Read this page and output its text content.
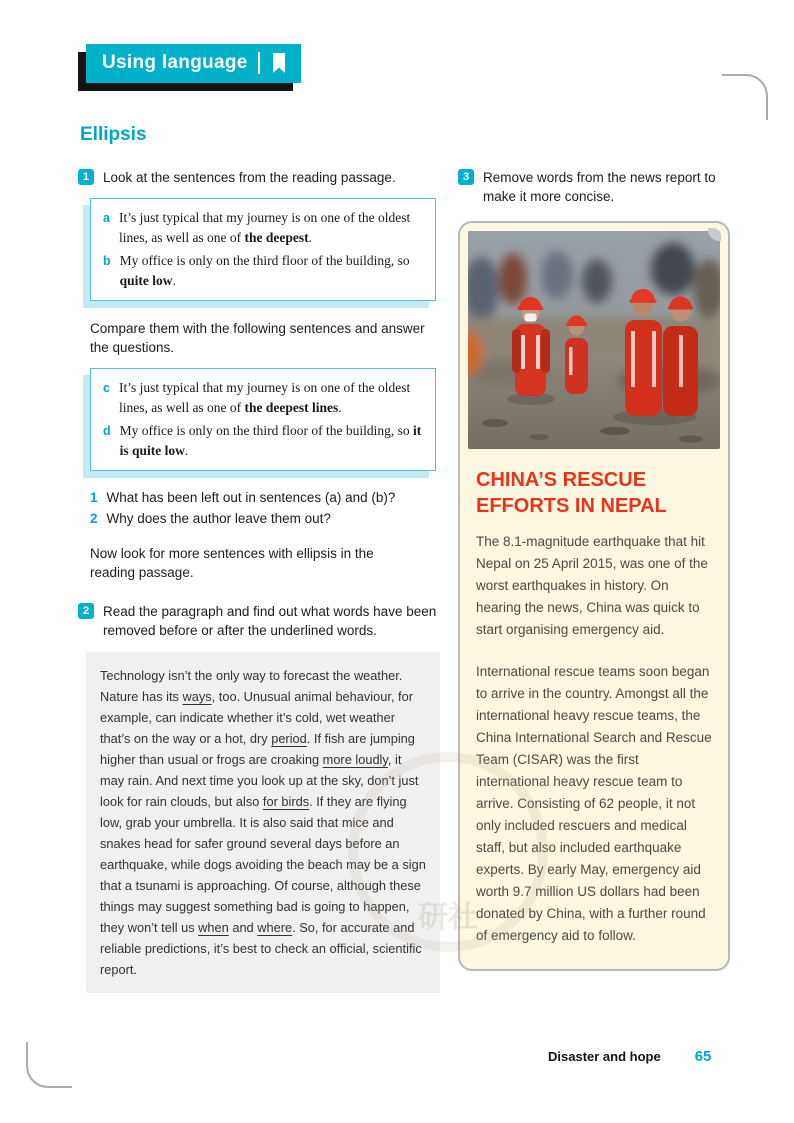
Using language
Ellipsis
1	Look at the sentences from the reading passage.
a It’s just typical that my journey is on one of the oldest lines, as well as one of the deepest.
b My office is only on the third floor of the building, so quite low.

Compare them with the following sentences and answer the questions.

c It’s just typical that my journey is on one of the oldest lines, as well as one of the deepest lines.
d My office is only on the third floor of the building, so it is quite low.
1 What has been left out in sentences (a) and (b)?
2 Why does the author leave them out?

Now look for more sentences with ellipsis in the reading passage.

2	Read the paragraph and find out what words have been removed before or after the underlined words.

Technology isn’t the only way to forecast the weather. Nature has its ways, too. Unusual animal behaviour, for example, can indicate whether it’s cold, wet weather that’s on the way or a hot, dry period. If fish are jumping higher than usual or frogs are croaking more loudly, it may rain. And next time you look up at the sky, don’t just look for rain clouds, but also for birds. If they are flying low, grab your umbrella. It is also said that mice and snakes head for safer ground several days before an earthquake, while dogs avoiding the beach may be a sign that a tsunami is approaching. Of course, although these things may suggest something bad is going to happen, they won’t tell us when and where. So, for accurate and reliable predictions, it’s best to check an official, scientific report.

3	Remove words from the news report to make it more concise.
CHINA’S RESCUE EFFORTS IN NEPAL

The 8.1-magnitude earthquake that hit Nepal on 25 April 2015, was one of the worst earthquakes in history. On hearing the news, China was quick to start organising emergency aid.

International rescue teams soon began to arrive in the country. Amongst all the international heavy rescue teams, the China International Search and Rescue Team (CISAR) was the first international heavy rescue team to arrive. Consisting of 62 people, it not only included rescuers and medical staff, but also included earthquake experts. By early May, emergency aid worth 9.7 million US dollars had been donated by China, with a further round of emergency aid to follow.

研社
Disaster and hope 65
